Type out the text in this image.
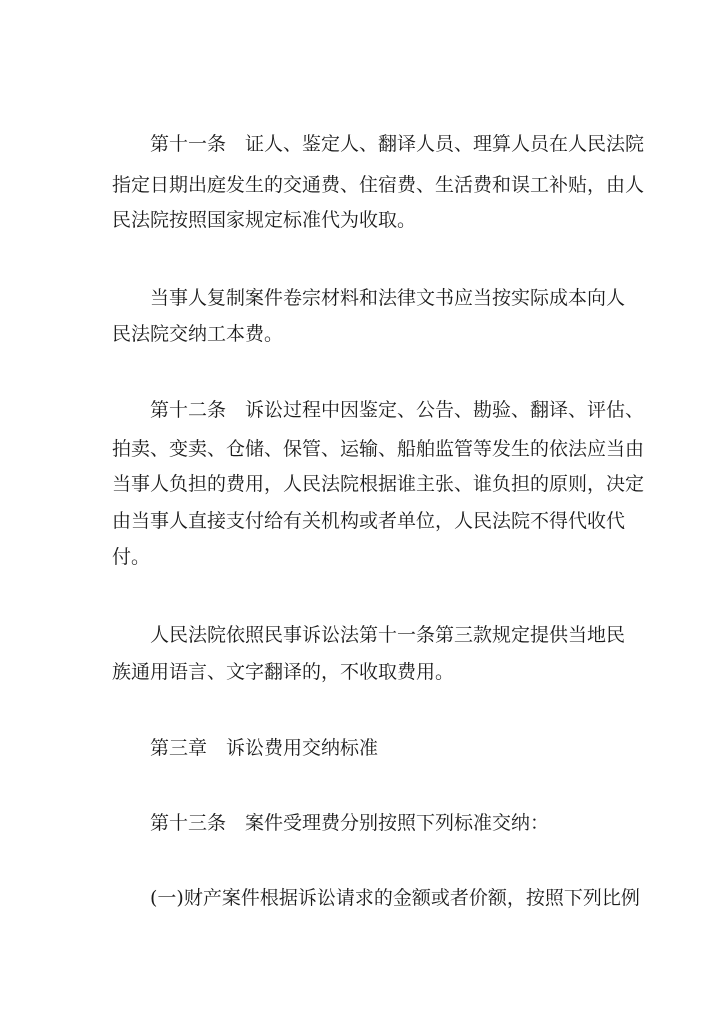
　　第十一条　证人、鉴定人、翻译人员、理算人员在人民法院
指定日期出庭发生的交通费、住宿费、生活费和误工补贴，由人
民法院按照国家规定标准代为收取。
　　当事人复制案件卷宗材料和法律文书应当按实际成本向人
民法院交纳工本费。
　　第十二条　诉讼过程中因鉴定、公告、勘验、翻译、评估、
拍卖、变卖、仓储、保管、运输、船舶监管等发生的依法应当由
当事人负担的费用，人民法院根据谁主张、谁负担的原则，决定
由当事人直接支付给有关机构或者单位，人民法院不得代收代
付。
　　人民法院依照民事诉讼法第十一条第三款规定提供当地民
族通用语言、文字翻译的，不收取费用。
　　第三章　诉讼费用交纳标准
　　第十三条　案件受理费分别按照下列标准交纳：
　　(一)财产案件根据诉讼请求的金额或者价额，按照下列比例
